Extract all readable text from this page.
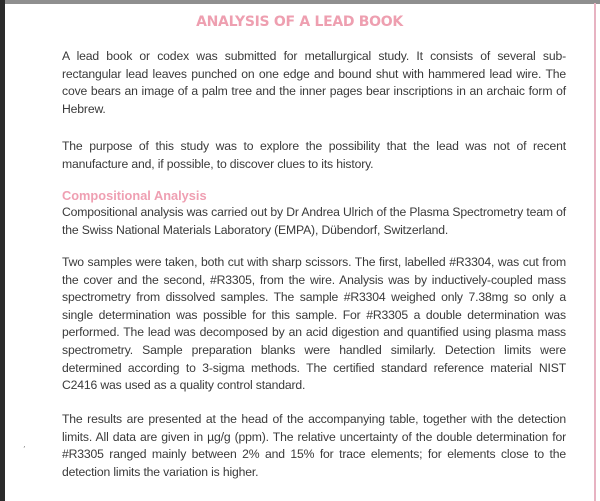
ANALYSIS OF A LEAD BOOK

A lead book or codex was submitted for metallurgical study. It consists of several sub-rectangular lead leaves punched on one edge and bound shut with hammered lead wire. The cove bears an image of a palm tree and the inner pages bear inscriptions in an archaic form of Hebrew.

The purpose of this study was to explore the possibility that the lead was not of recent manufacture and, if possible, to discover clues to its history.

Compositional Analysis

Compositional analysis was carried out by Dr Andrea Ulrich of the Plasma Spectrometry team of the Swiss National Materials Laboratory (EMPA), Dübendorf, Switzerland.

Two samples were taken, both cut with sharp scissors. The first, labelled #R3304, was cut from the cover and the second, #R3305, from the wire. Analysis was by inductively-coupled mass spectrometry from dissolved samples. The sample #R3304 weighed only 7.38mg so only a single determination was possible for this sample. For #R3305 a double determination was performed. The lead was decomposed by an acid digestion and quantified using plasma mass spectrometry. Sample preparation blanks were handled similarly. Detection limits were determined according to 3-sigma methods. The certified standard reference material NIST C2416 was used as a quality control standard.

The results are presented at the head of the accompanying table, together with the detection limits. All data are given in µg/g (ppm). The relative uncertainty of the double determination for #R3305 ranged mainly between 2% and 15% for trace elements; for elements close to the detection limits the variation is higher.

’
